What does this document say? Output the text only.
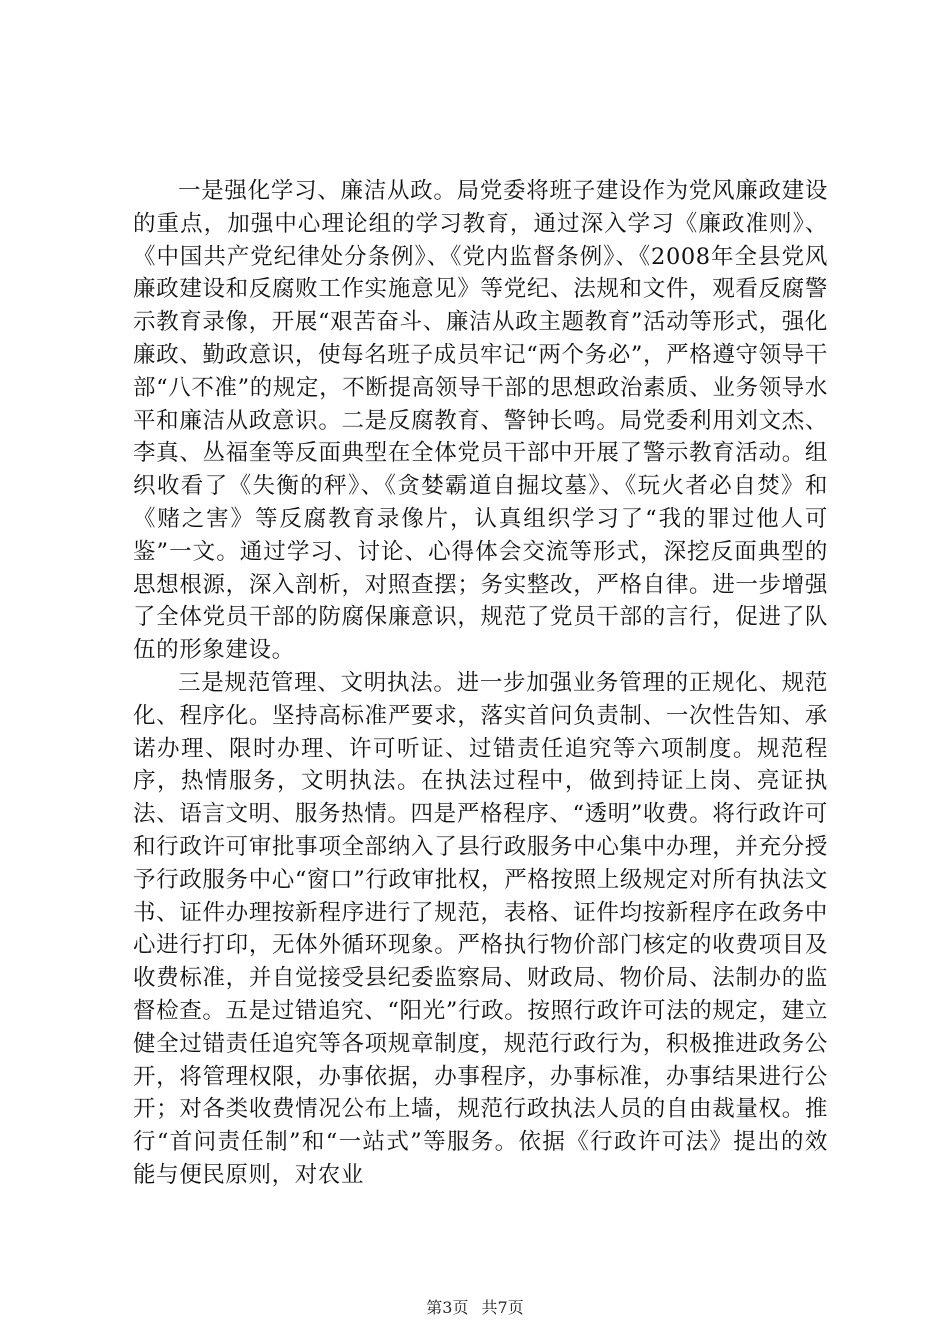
一是强化学习、廉洁从政。局党委将班子建设作为党风廉政建设的重点，加强中心理论组的学习教育，通过深入学习《廉政准则》、《中国共产党纪律处分条例》、《党内监督条例》、《2008年全县党风廉政建设和反腐败工作实施意见》等党纪、法规和文件，观看反腐警示教育录像，开展“艰苦奋斗、廉洁从政主题教育”活动等形式，强化廉政、勤政意识，使每名班子成员牢记“两个务必”，严格遵守领导干部“八不准”的规定，不断提高领导干部的思想政治素质、业务领导水平和廉洁从政意识。二是反腐教育、警钟长鸣。局党委利用刘文杰、李真、丛福奎等反面典型在全体党员干部中开展了警示教育活动。组织收看了《失衡的秤》、《贪婪霸道自掘坟墓》、《玩火者必自焚》和《赌之害》等反腐教育录像片，认真组织学习了“我的罪过他人可鉴”一文。通过学习、讨论、心得体会交流等形式，深挖反面典型的思想根源，深入剖析，对照查摆；务实整改，严格自律。进一步增强了全体党员干部的防腐保廉意识，规范了党员干部的言行，促进了队伍的形象建设。

三是规范管理、文明执法。进一步加强业务管理的正规化、规范化、程序化。坚持高标准严要求，落实首问负责制、一次性告知、承诺办理、限时办理、许可听证、过错责任追究等六项制度。规范程序，热情服务，文明执法。在执法过程中，做到持证上岗、亮证执法、语言文明、服务热情。四是严格程序、“透明”收费。将行政许可和行政许可审批事项全部纳入了县行政服务中心集中办理，并充分授予行政服务中心“窗口”行政审批权，严格按照上级规定对所有执法文书、证件办理按新程序进行了规范，表格、证件均按新程序在政务中心进行打印，无体外循环现象。严格执行物价部门核定的收费项目及收费标准，并自觉接受县纪委监察局、财政局、物价局、法制办的监督检查。五是过错追究、“阳光”行政。按照行政许可法的规定，建立健全过错责任追究等各项规章制度，规范行政行为，积极推进政务公开，将管理权限，办事依据，办事程序，办事标准，办事结果进行公开；对各类收费情况公布上墙，规范行政执法人员的自由裁量权。推行“首问责任制”和“一站式”等服务。依据《行政许可法》提出的效能与便民原则，对农业

第3页 共7页
